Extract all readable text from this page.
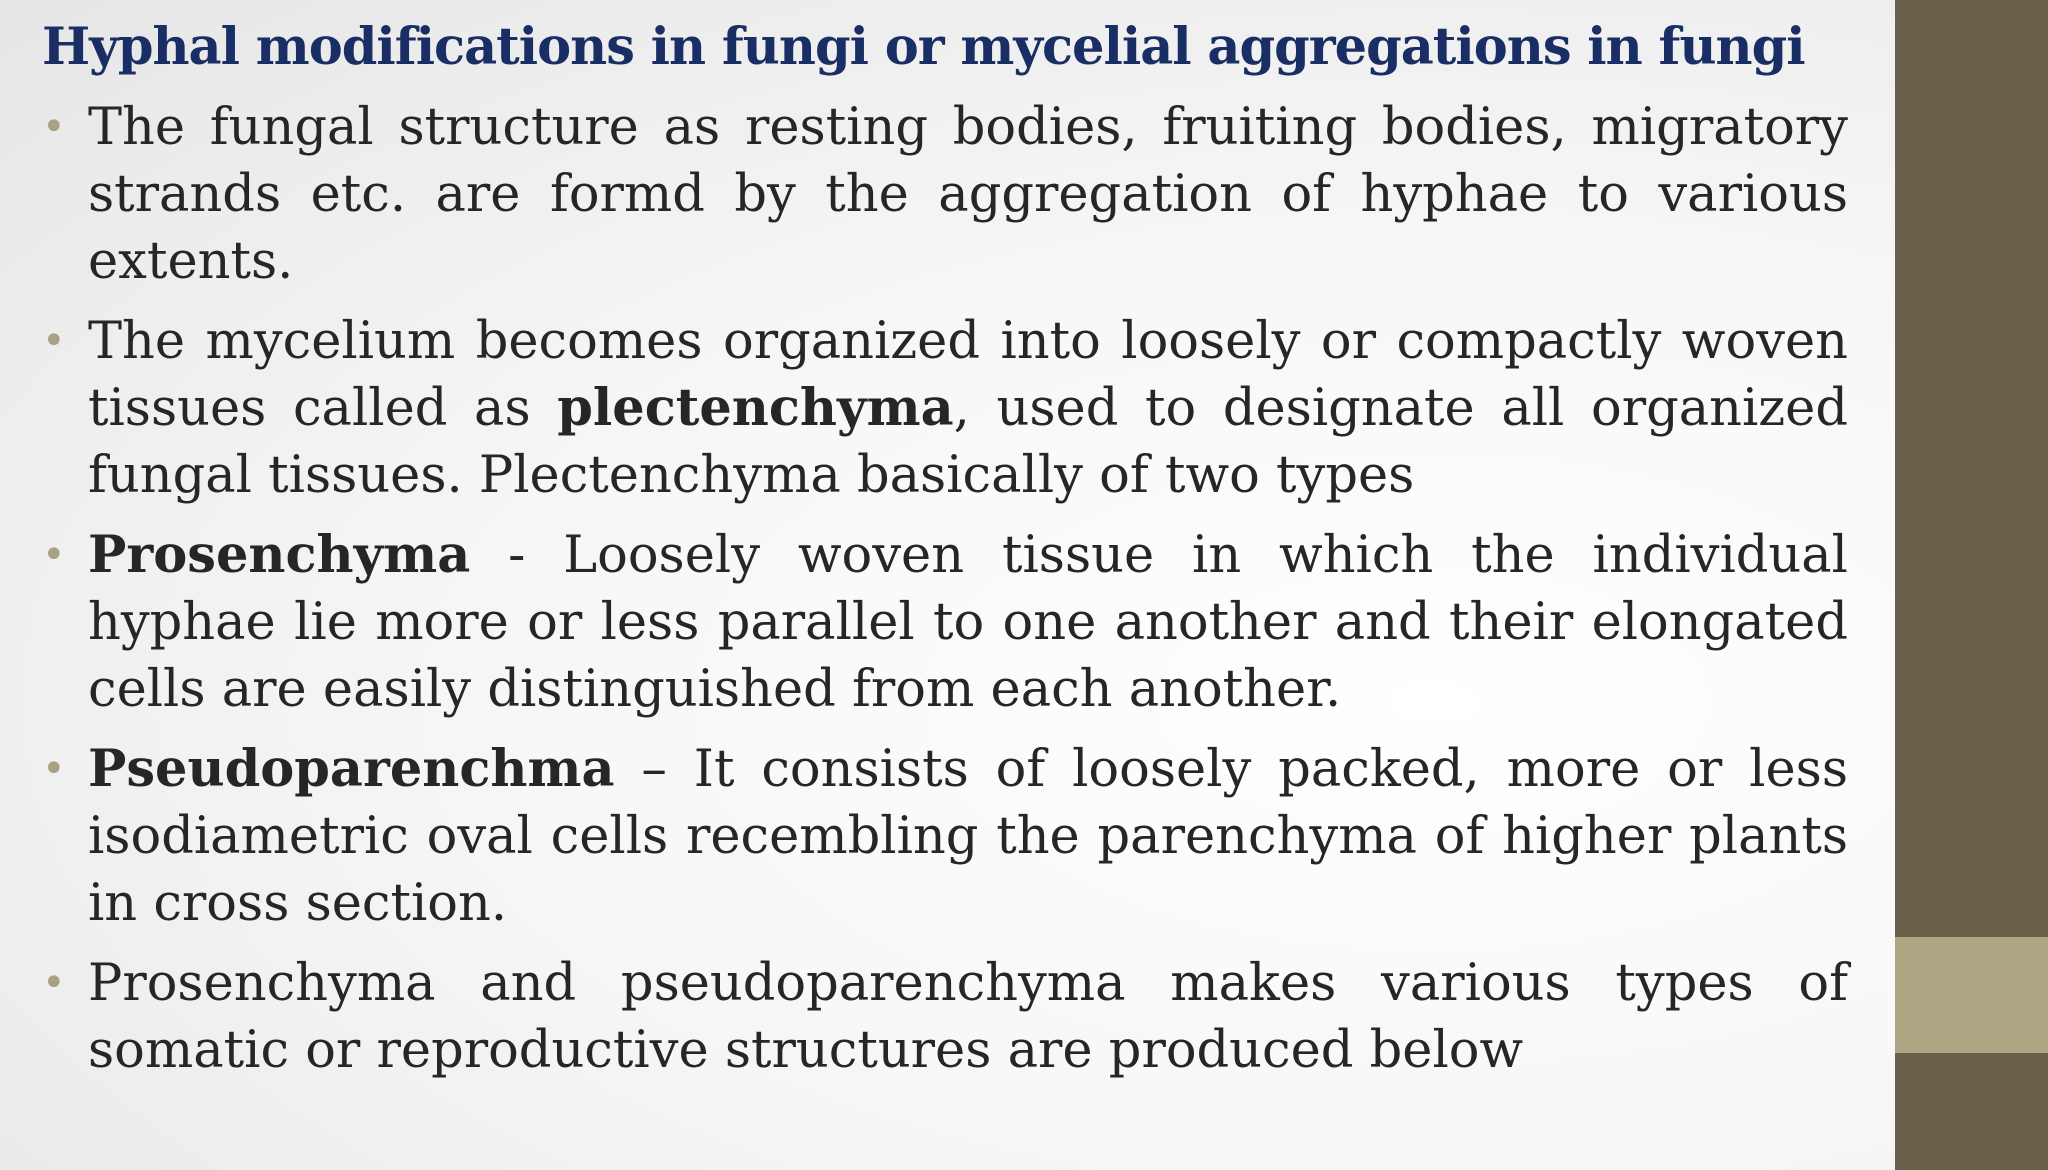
Hyphal modifications in fungi or mycelial aggregations in fungi
• The fungal structure as resting bodies, fruiting bodies, migratory strands etc. are formd by the aggregation of hyphae to various extents.
• The mycelium becomes organized into loosely or compactly woven tissues called as plectenchyma, used to designate all organized fungal tissues. Plectenchyma basically of two types
• Prosenchyma - Loosely woven tissue in which the individual hyphae lie more or less parallel to one another and their elongated cells are easily distinguished from each another.
• Pseudoparenchma – It consists of loosely packed, more or less isodiametric oval cells recembling the parenchyma of higher plants in cross section.
• Prosenchyma and pseudoparenchyma makes various types of somatic or reproductive structures are produced below
